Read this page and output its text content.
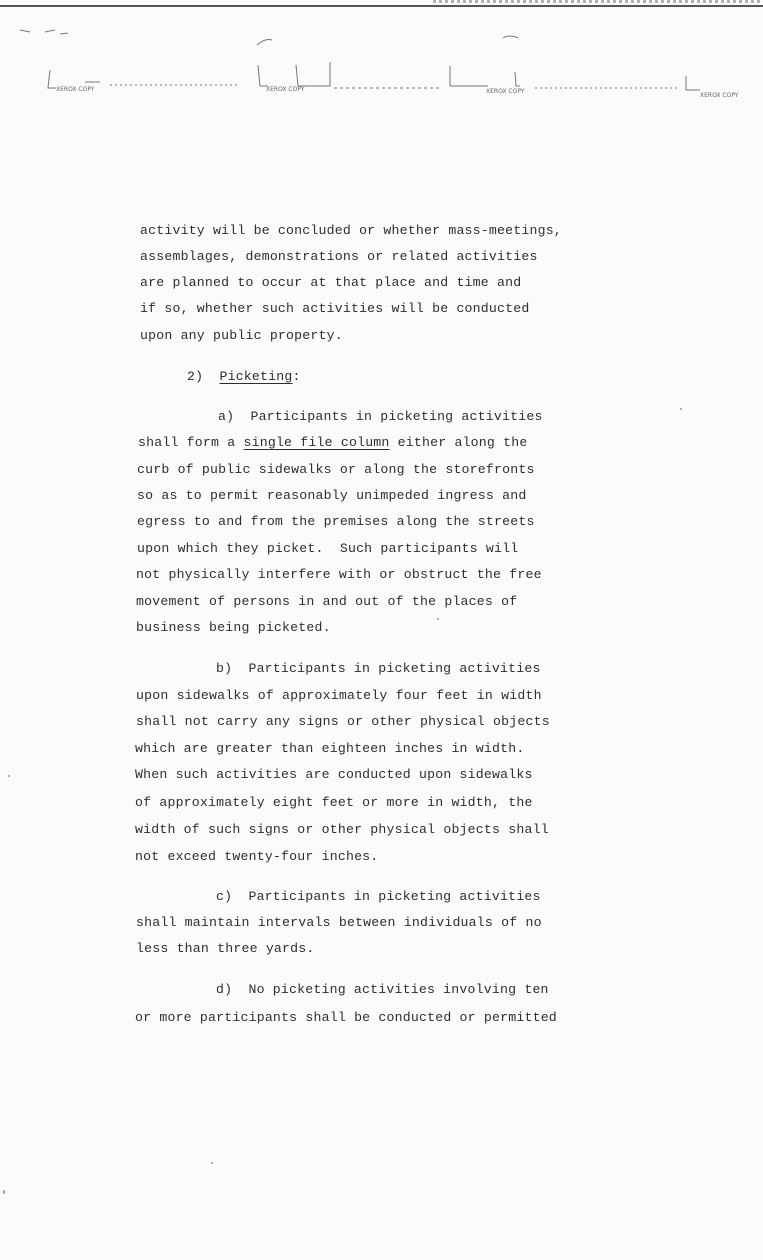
XEROX COPY	XEROX COPY	XEROX COPY
XEROX COPY
activity will be concluded or whether mass-meetings,
assemblages, demonstrations or related activities
are planned to occur at that place and time and
if so, whether such activities will be conducted
upon any public property.
2) Picketing:
a)  Participants in picketing activities
shall form a single file column either along the
curb of public sidewalks or along the storefronts
so as to permit reasonably unimpeded ingress and
egress to and from the premises along the streets
upon which they picket.  Such participants will
not physically interfere with or obstruct the free
movement of persons in and out of the places of
business being picketed.
b)  Participants in picketing activities
upon sidewalks of approximately four feet in width
shall not carry any signs or other physical objects
which are greater than eighteen inches in width.
When such activities are conducted upon sidewalks
of approximately eight feet or more in width, the
width of such signs or other physical objects shall
not exceed twenty-four inches.
c)  Participants in picketing activities
shall maintain intervals between individuals of no
less than three yards.
d)  No picketing activities involving ten
or more participants shall be conducted or permitted
